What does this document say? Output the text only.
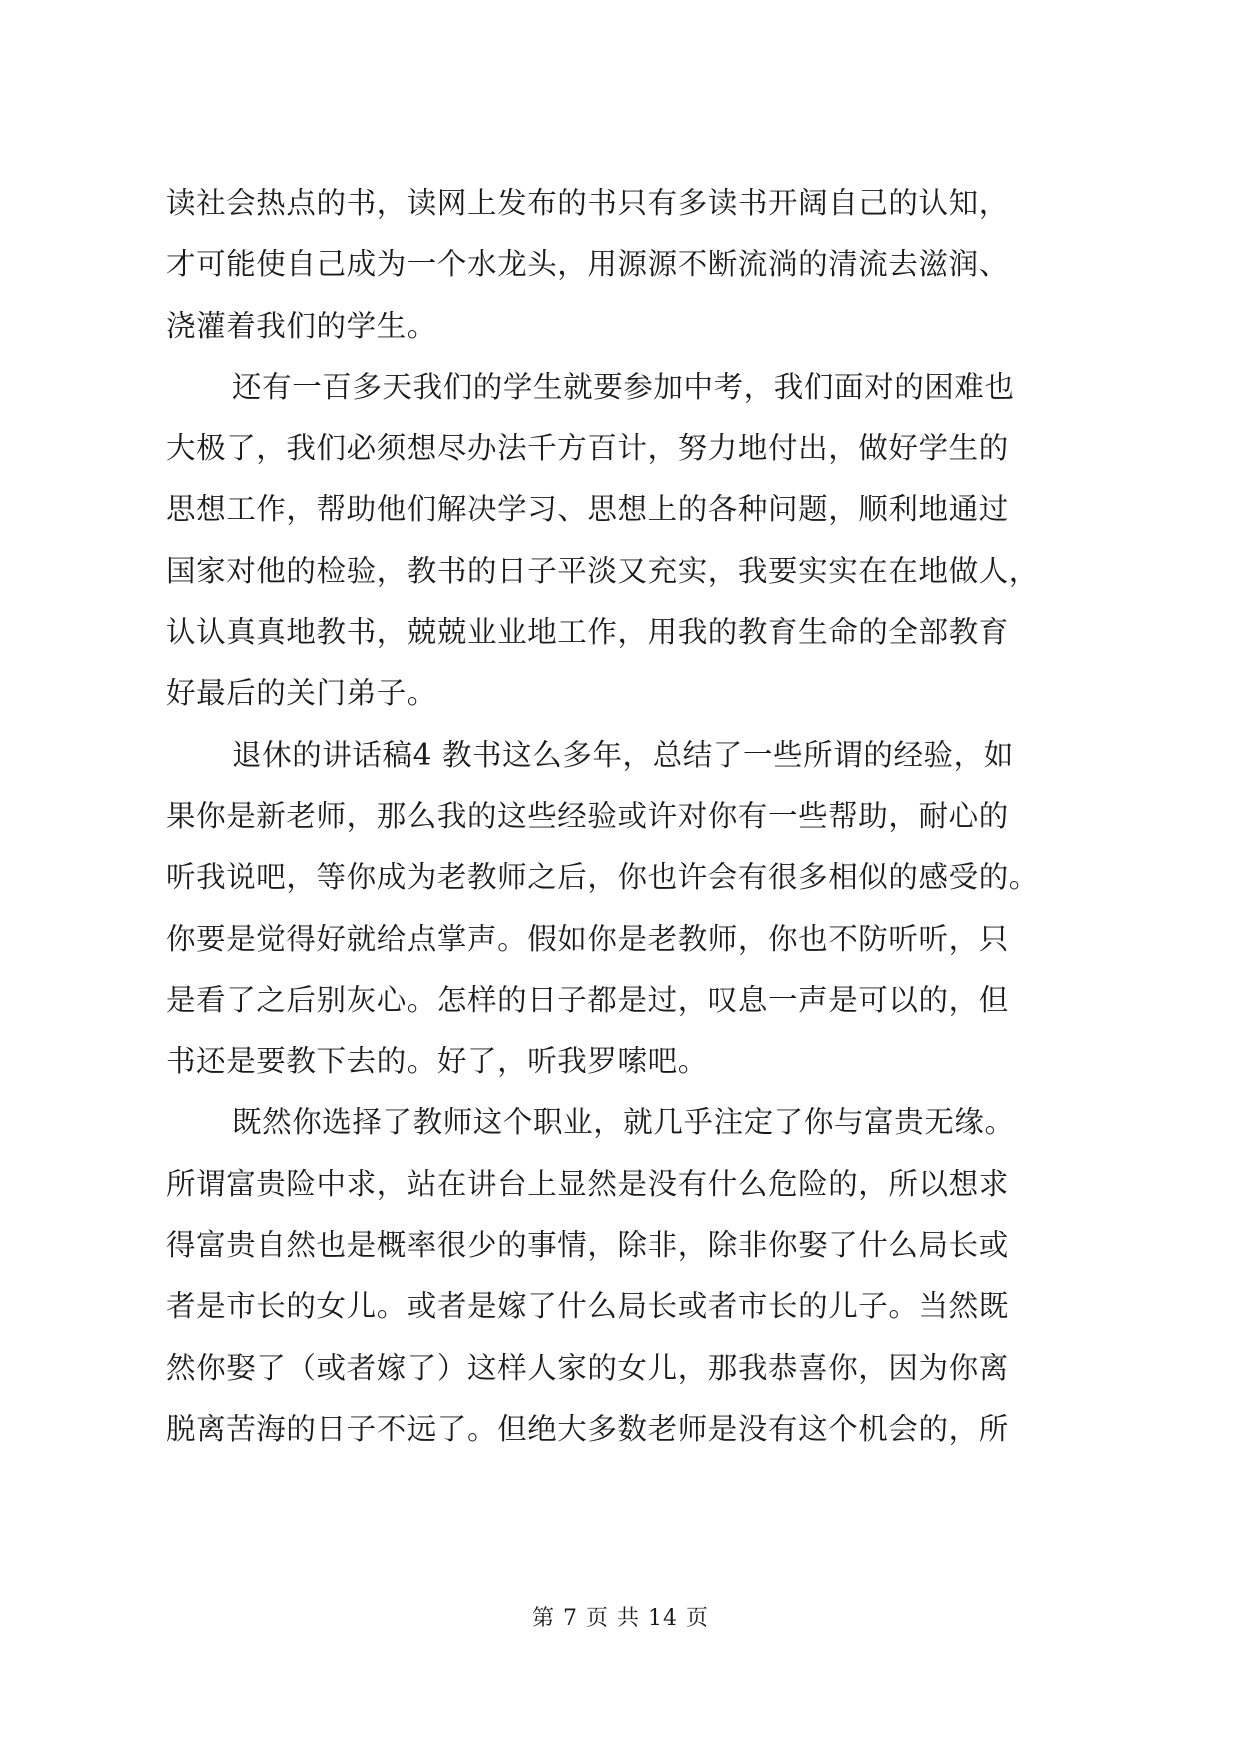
读社会热点的书，读网上发布的书只有多读书开阔自己的认知，
才可能使自己成为一个水龙头，用源源不断流淌的清流去滋润、
浇灌着我们的学生。

还有一百多天我们的学生就要参加中考，我们面对的困难也
大极了，我们必须想尽办法千方百计，努力地付出，做好学生的
思想工作，帮助他们解决学习、思想上的各种问题，顺利地通过
国家对他的检验，教书的日子平淡又充实，我要实实在在地做人，
认认真真地教书，兢兢业业地工作，用我的教育生命的全部教育
好最后的关门弟子。

退休的讲话稿4 教书这么多年，总结了一些所谓的经验，如
果你是新老师，那么我的这些经验或许对你有一些帮助，耐心的
听我说吧，等你成为老教师之后，你也许会有很多相似的感受的。
你要是觉得好就给点掌声。假如你是老教师，你也不防听听，只
是看了之后别灰心。怎样的日子都是过，叹息一声是可以的，但
书还是要教下去的。好了，听我罗嗦吧。

既然你选择了教师这个职业，就几乎注定了你与富贵无缘。
所谓富贵险中求，站在讲台上显然是没有什么危险的，所以想求
得富贵自然也是概率很少的事情，除非，除非你娶了什么局长或
者是市长的女儿。或者是嫁了什么局长或者市长的儿子。当然既
然你娶了（或者嫁了）这样人家的女儿，那我恭喜你，因为你离
脱离苦海的日子不远了。但绝大多数老师是没有这个机会的，所

第 7 页 共 14 页
